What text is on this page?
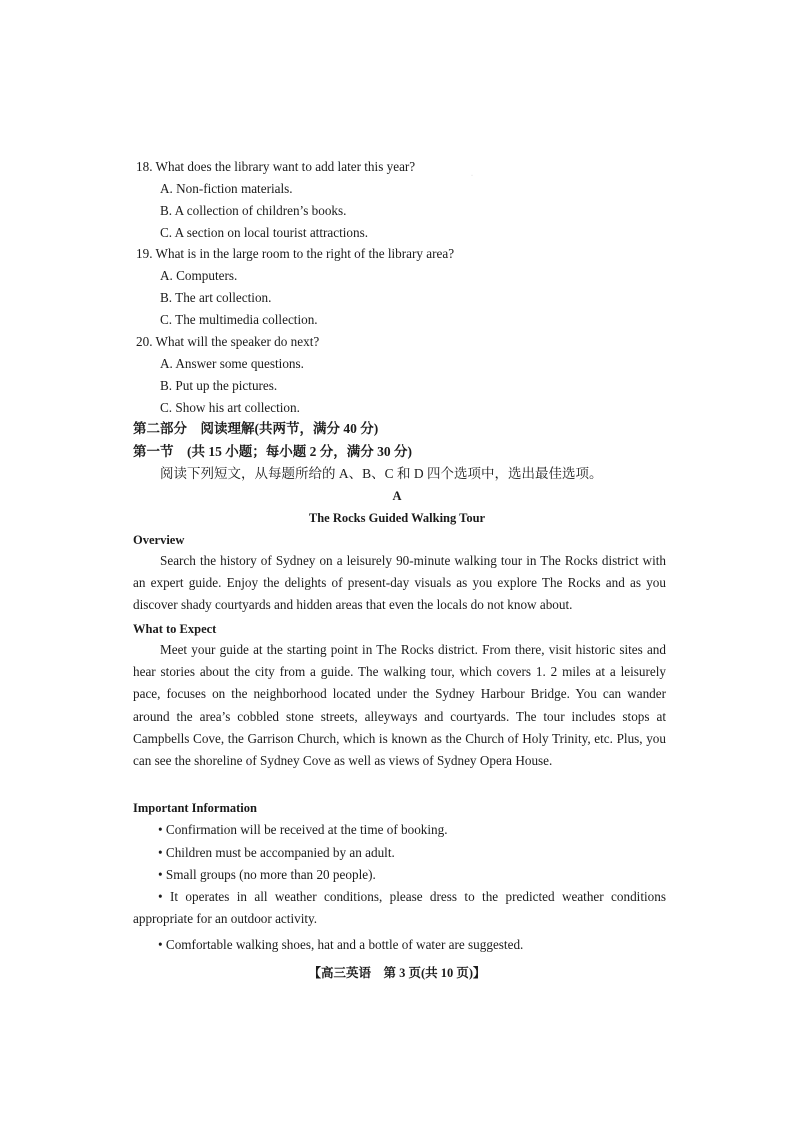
·
18. What does the library want to add later this year?
A. Non-fiction materials.
B. A collection of children’s books.
C. A section on local tourist attractions.
19. What is in the large room to the right of the library area?
A. Computers.
B. The art collection.
C. The multimedia collection.
20. What will the speaker do next?
A. Answer some questions.
B. Put up the pictures.
C. Show his art collection.
第二部分　阅读理解(共两节，满分 40 分)
第一节　(共 15 小题；每小题 2 分，满分 30 分)
阅读下列短文，从每题所给的 A、B、C 和 D 四个选项中，选出最佳选项。
A
The Rocks Guided Walking Tour
Overview
Search the history of Sydney on a leisurely 90-minute walking tour in The Rocks district with an expert guide. Enjoy the delights of present-day visuals as you explore The Rocks and as you discover shady courtyards and hidden areas that even the locals do not know about.
What to Expect
Meet your guide at the starting point in The Rocks district. From there, visit historic sites and hear stories about the city from a guide. The walking tour, which covers 1. 2 miles at a leisurely pace, focuses on the neighborhood located under the Sydney Harbour Bridge. You can wander around the area’s cobbled stone streets, alleyways and courtyards. The tour includes stops at Campbells Cove, the Garrison Church, which is known as the Church of Holy Trinity, etc. Plus, you can see the shoreline of Sydney Cove as well as views of Sydney Opera House.
Important Information
• Confirmation will be received at the time of booking.
• Children must be accompanied by an adult.
• Small groups (no more than 20 people).
• It operates in all weather conditions, please dress to the predicted weather conditions appropriate for an outdoor activity.
• Comfortable walking shoes, hat and a bottle of water are suggested.
【高三英语　第 3 页(共 10 页)】
